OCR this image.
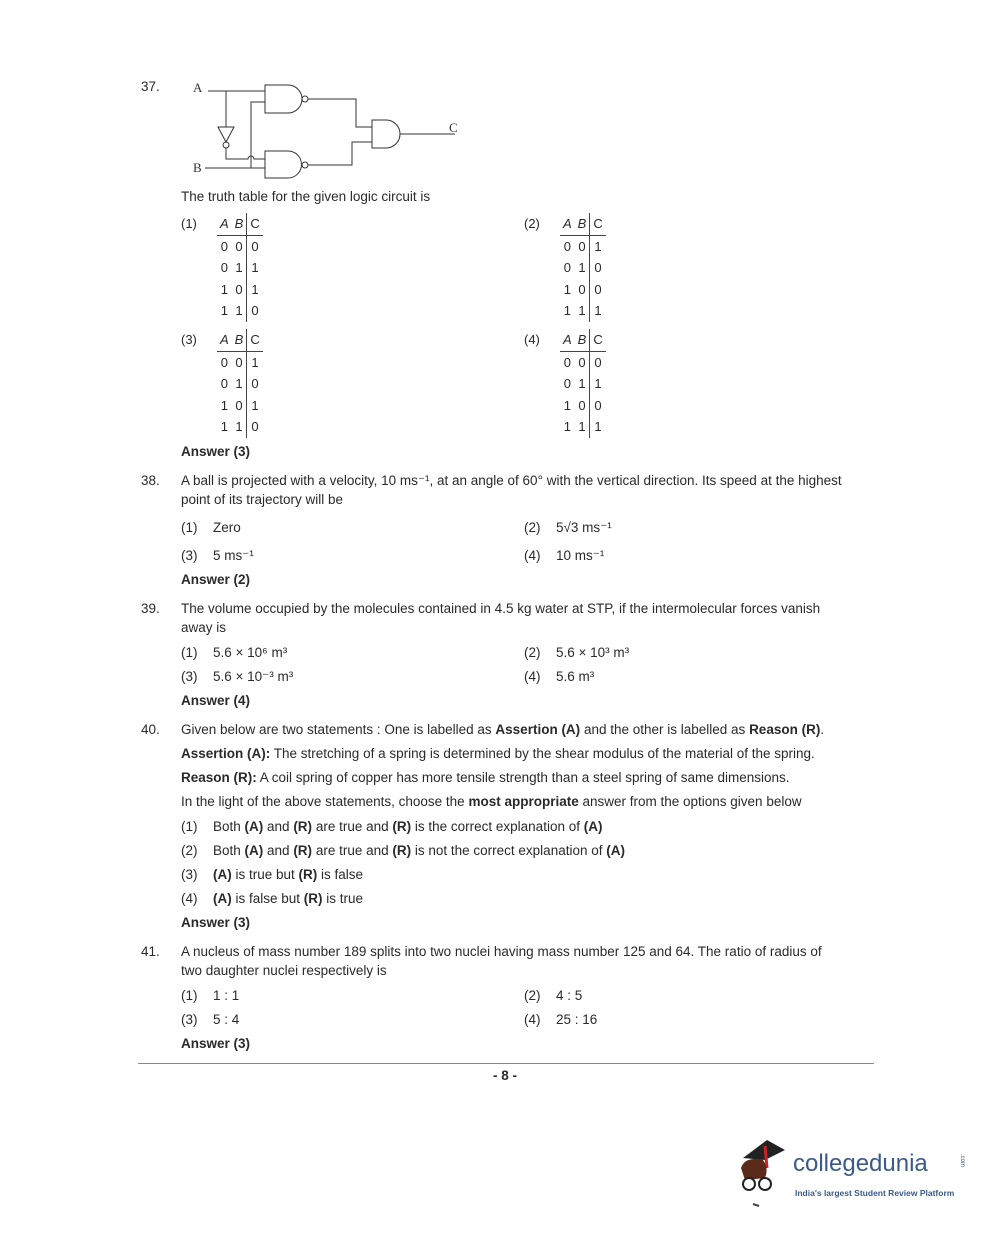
37.	A
B
C
The truth table for the given logic circuit is
(1) A	B	C
0	0	0
0	1	1
1	0	1
1	1	0
(2) A	B	C
0	0	1
0	1	0
1	0	0
1	1	1
(3) A	B	C
0	0	1
0	1	0
1	0	1
1	1	0
(4) A	B	C
0	0	0
0	1	1
1	0	0
1	1	1
Answer (3)
38. A ball is projected with a velocity, 10 ms⁻¹, at an angle of 60° with the vertical direction. Its speed at the highest
point of its trajectory will be
(1) Zero	(2) 5√3 ms⁻¹
(3) 5 ms⁻¹	(4) 10 ms⁻¹
Answer (2)
39. The volume occupied by the molecules contained in 4.5 kg water at STP, if the intermolecular forces vanish
away is
(1) 5.6 × 10⁶ m³	(2) 5.6 × 10³ m³
(3) 5.6 × 10⁻³ m³	(4) 5.6 m³
Answer (4)
40. Given below are two statements : One is labelled as Assertion (A) and the other is labelled as Reason (R).
Assertion (A): The stretching of a spring is determined by the shear modulus of the material of the spring.
Reason (R): A coil spring of copper has more tensile strength than a steel spring of same dimensions.
In the light of the above statements, choose the most appropriate answer from the options given below
(1) Both (A) and (R) are true and (R) is the correct explanation of (A)
(2) Both (A) and (R) are true and (R) is not the correct explanation of (A)
(3) (A) is true but (R) is false
(4) (A) is false but (R) is true
Answer (3)
41. A nucleus of mass number 189 splits into two nuclei having mass number 125 and 64. The ratio of radius of
two daughter nuclei respectively is
(1) 1 : 1	(2) 4 : 5
(3) 5 : 4	(4) 25 : 16
Answer (3)
- 8 -
collegedunia	.com
India's largest Student Review Platform
